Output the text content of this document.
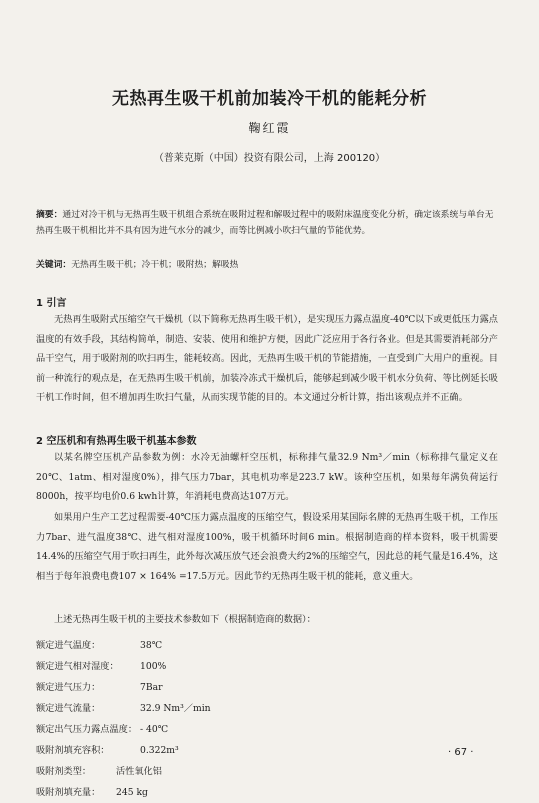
无热再生吸干机前加装冷干机的能耗分析

鞠红霞

（普莱克斯（中国）投资有限公司，上海 200120）

摘要：通过对冷干机与无热再生吸干机组合系统在吸附过程和解吸过程中的吸附床温度变化分析，确定该系统与单台无热再生吸干机相比并不具有因为进气水分的减少，而等比例减小吹扫气量的节能优势。

关键词：无热再生吸干机；冷干机；吸附热；解吸热

1 引言

无热再生吸附式压缩空气干燥机（以下简称无热再生吸干机），是实现压力露点温度-40℃以下或更低压力露点温度的有效手段，其结构简单，制造、安装、使用和维护方便，因此广泛应用于各行各业。但是其需要消耗部分产品干空气，用于吸附剂的吹扫再生，能耗较高。因此，无热再生吸干机的节能措施，一直受到广大用户的重视。目前一种流行的观点是，在无热再生吸干机前，加装冷冻式干燥机后，能够起到减少吸干机水分负荷、等比例延长吸干机工作时间，但不增加再生吹扫气量，从而实现节能的目的。本文通过分析计算，指出该观点并不正确。

2 空压机和有热再生吸干机基本参数

以某名牌空压机产品参数为例：水冷无油螺杆空压机，标称排气量32.9 Nm³／min（标称排气量定义在20℃、1atm、相对湿度0%），排气压力7bar，其电机功率是223.7 kW。该种空压机，如果每年满负荷运行8000h，按平均电价0.6 kwh计算，年消耗电费高达107万元。

如果用户生产工艺过程需要-40℃压力露点温度的压缩空气，假设采用某国际名牌的无热再生吸干机，工作压力7bar、进气温度38℃、进气相对湿度100%，吸干机循环时间6 min。根据制造商的样本资料，吸干机需要14.4%的压缩空气用于吹扫再生，此外每次减压放气还会浪费大约2%的压缩空气，因此总的耗气量是16.4%，这相当于每年浪费电费107 × 164% =17.5万元。因此节约无热再生吸干机的能耗，意义重大。

上述无热再生吸干机的主要技术参数如下（根据制造商的数据）：

额定进气温度：	38℃
额定进气相对湿度： 100%
额定进气压力：	7Bar
额定进气流量：	32.9 Nm³／min
额定出气压力露点温度： - 40℃
吸附剂填充容积：	0.322m³
吸附剂类型：	活性氧化铝
吸附剂填充量： 245 kg

· 67 ·
